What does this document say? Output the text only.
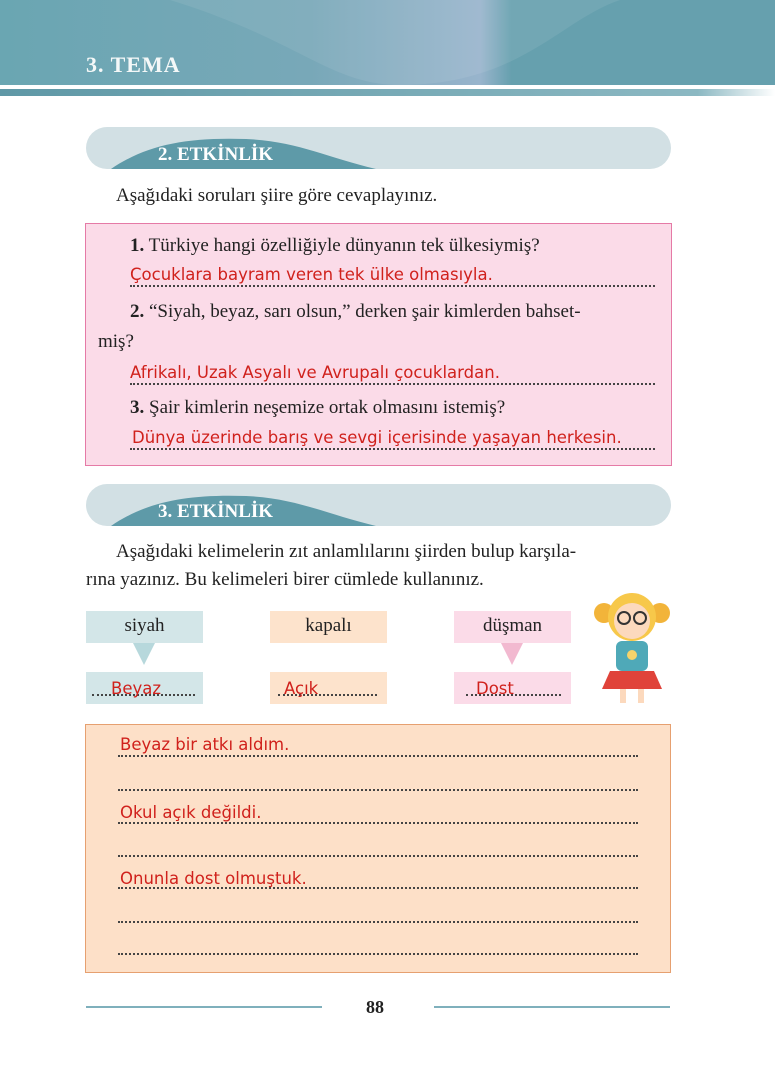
3. TEMA
2. ETKİNLİK
Aşağıdaki soruları şiire göre cevaplayınız.
1. Türkiye hangi özelliğiyle dünyanın tek ülkesiymiş?
Çocuklara bayram veren tek ülke olmasıyla.
2. “Siyah, beyaz, sarı olsun,” derken şair kimlerden bahset-
miş?
Afrikalı, Uzak Asyalı ve Avrupalı çocuklardan.
3. Şair kimlerin neşemize ortak olmasını istemiş?
Dünya üzerinde barış ve sevgi içerisinde yaşayan herkesin.
3. ETKİNLİK
Aşağıdaki kelimelerin zıt anlamlılarını şiirden bulup karşıla-
rına yazınız. Bu kelimeleri birer cümlede kullanınız.
siyah
Beyaz
kapalı
Açık
düşman
Dost
Beyaz bir atkı aldım.
Okul açık değildi.
Onunla dost olmuştuk.
88
